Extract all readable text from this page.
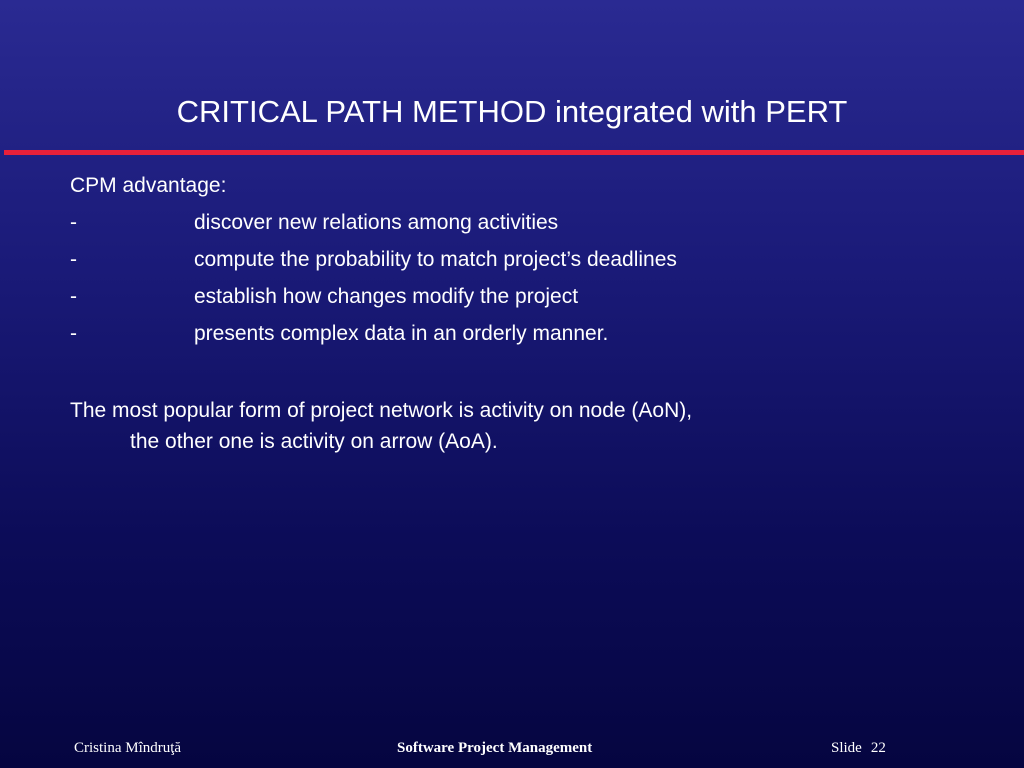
CRITICAL PATH METHOD integrated with PERT
CPM advantage:
-	discover new relations among activities
-	compute the probability to match project’s deadlines
-	establish how changes modify the project
-	presents complex data in an orderly manner.
The most popular form of project network is activity on node (AoN),
the other one is activity on arrow (AoA).
Cristina Mîndruţă	Software Project Management	Slide 22
